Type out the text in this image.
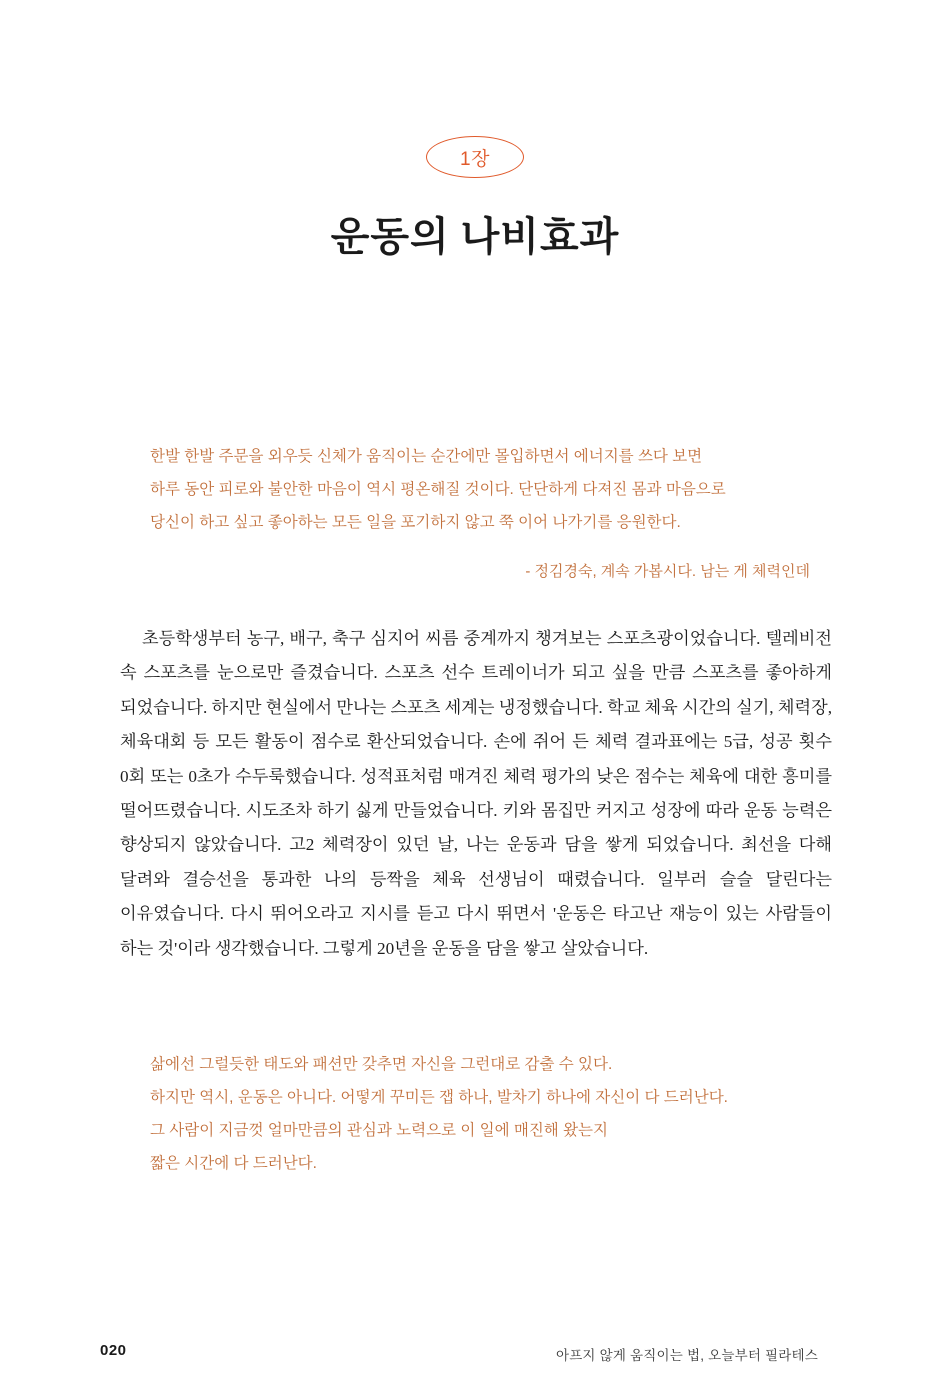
1장
운동의 나비효과
한발 한발 주문을 외우듯 신체가 움직이는 순간에만 몰입하면서 에너지를 쓰다 보면
하루 동안 피로와 불안한 마음이 역시 평온해질 것이다. 단단하게 다져진 몸과 마음으로
당신이 하고 싶고 좋아하는 모든 일을 포기하지 않고 쭉 이어 나가기를 응원한다.
- 정김경숙, 계속 가봅시다. 남는 게 체력인데
초등학생부터 농구, 배구, 축구 심지어 씨름 중계까지 챙겨보는 스포츠광이었습니다. 텔레비전 속 스포츠를 눈으로만 즐겼습니다. 스포츠 선수 트레이너가 되고 싶을 만큼 스포츠를 좋아하게 되었습니다. 하지만 현실에서 만나는 스포츠 세계는 냉정했습니다. 학교 체육 시간의 실기, 체력장, 체육대회 등 모든 활동이 점수로 환산되었습니다. 손에 쥐어 든 체력 결과표에는 5급, 성공 횟수 0회 또는 0초가 수두룩했습니다. 성적표처럼 매겨진 체력 평가의 낮은 점수는 체육에 대한 흥미를 떨어뜨렸습니다. 시도조차 하기 싫게 만들었습니다. 키와 몸집만 커지고 성장에 따라 운동 능력은 향상되지 않았습니다. 고2 체력장이 있던 날, 나는 운동과 담을 쌓게 되었습니다. 최선을 다해 달려와 결승선을 통과한 나의 등짝을 체육 선생님이 때렸습니다. 일부러 슬슬 달린다는 이유였습니다. 다시 뛰어오라고 지시를 듣고 다시 뛰면서 '운동은 타고난 재능이 있는 사람들이 하는 것'이라 생각했습니다. 그렇게 20년을 운동을 담을 쌓고 살았습니다.
삶에선 그럴듯한 태도와 패션만 갖추면 자신을 그런대로 감출 수 있다.
하지만 역시, 운동은 아니다. 어떻게 꾸미든 잽 하나, 발차기 하나에 자신이 다 드러난다.
그 사람이 지금껏 얼마만큼의 관심과 노력으로 이 일에 매진해 왔는지
짧은 시간에 다 드러난다.
020	아프지 않게 움직이는 법, 오늘부터 필라테스
